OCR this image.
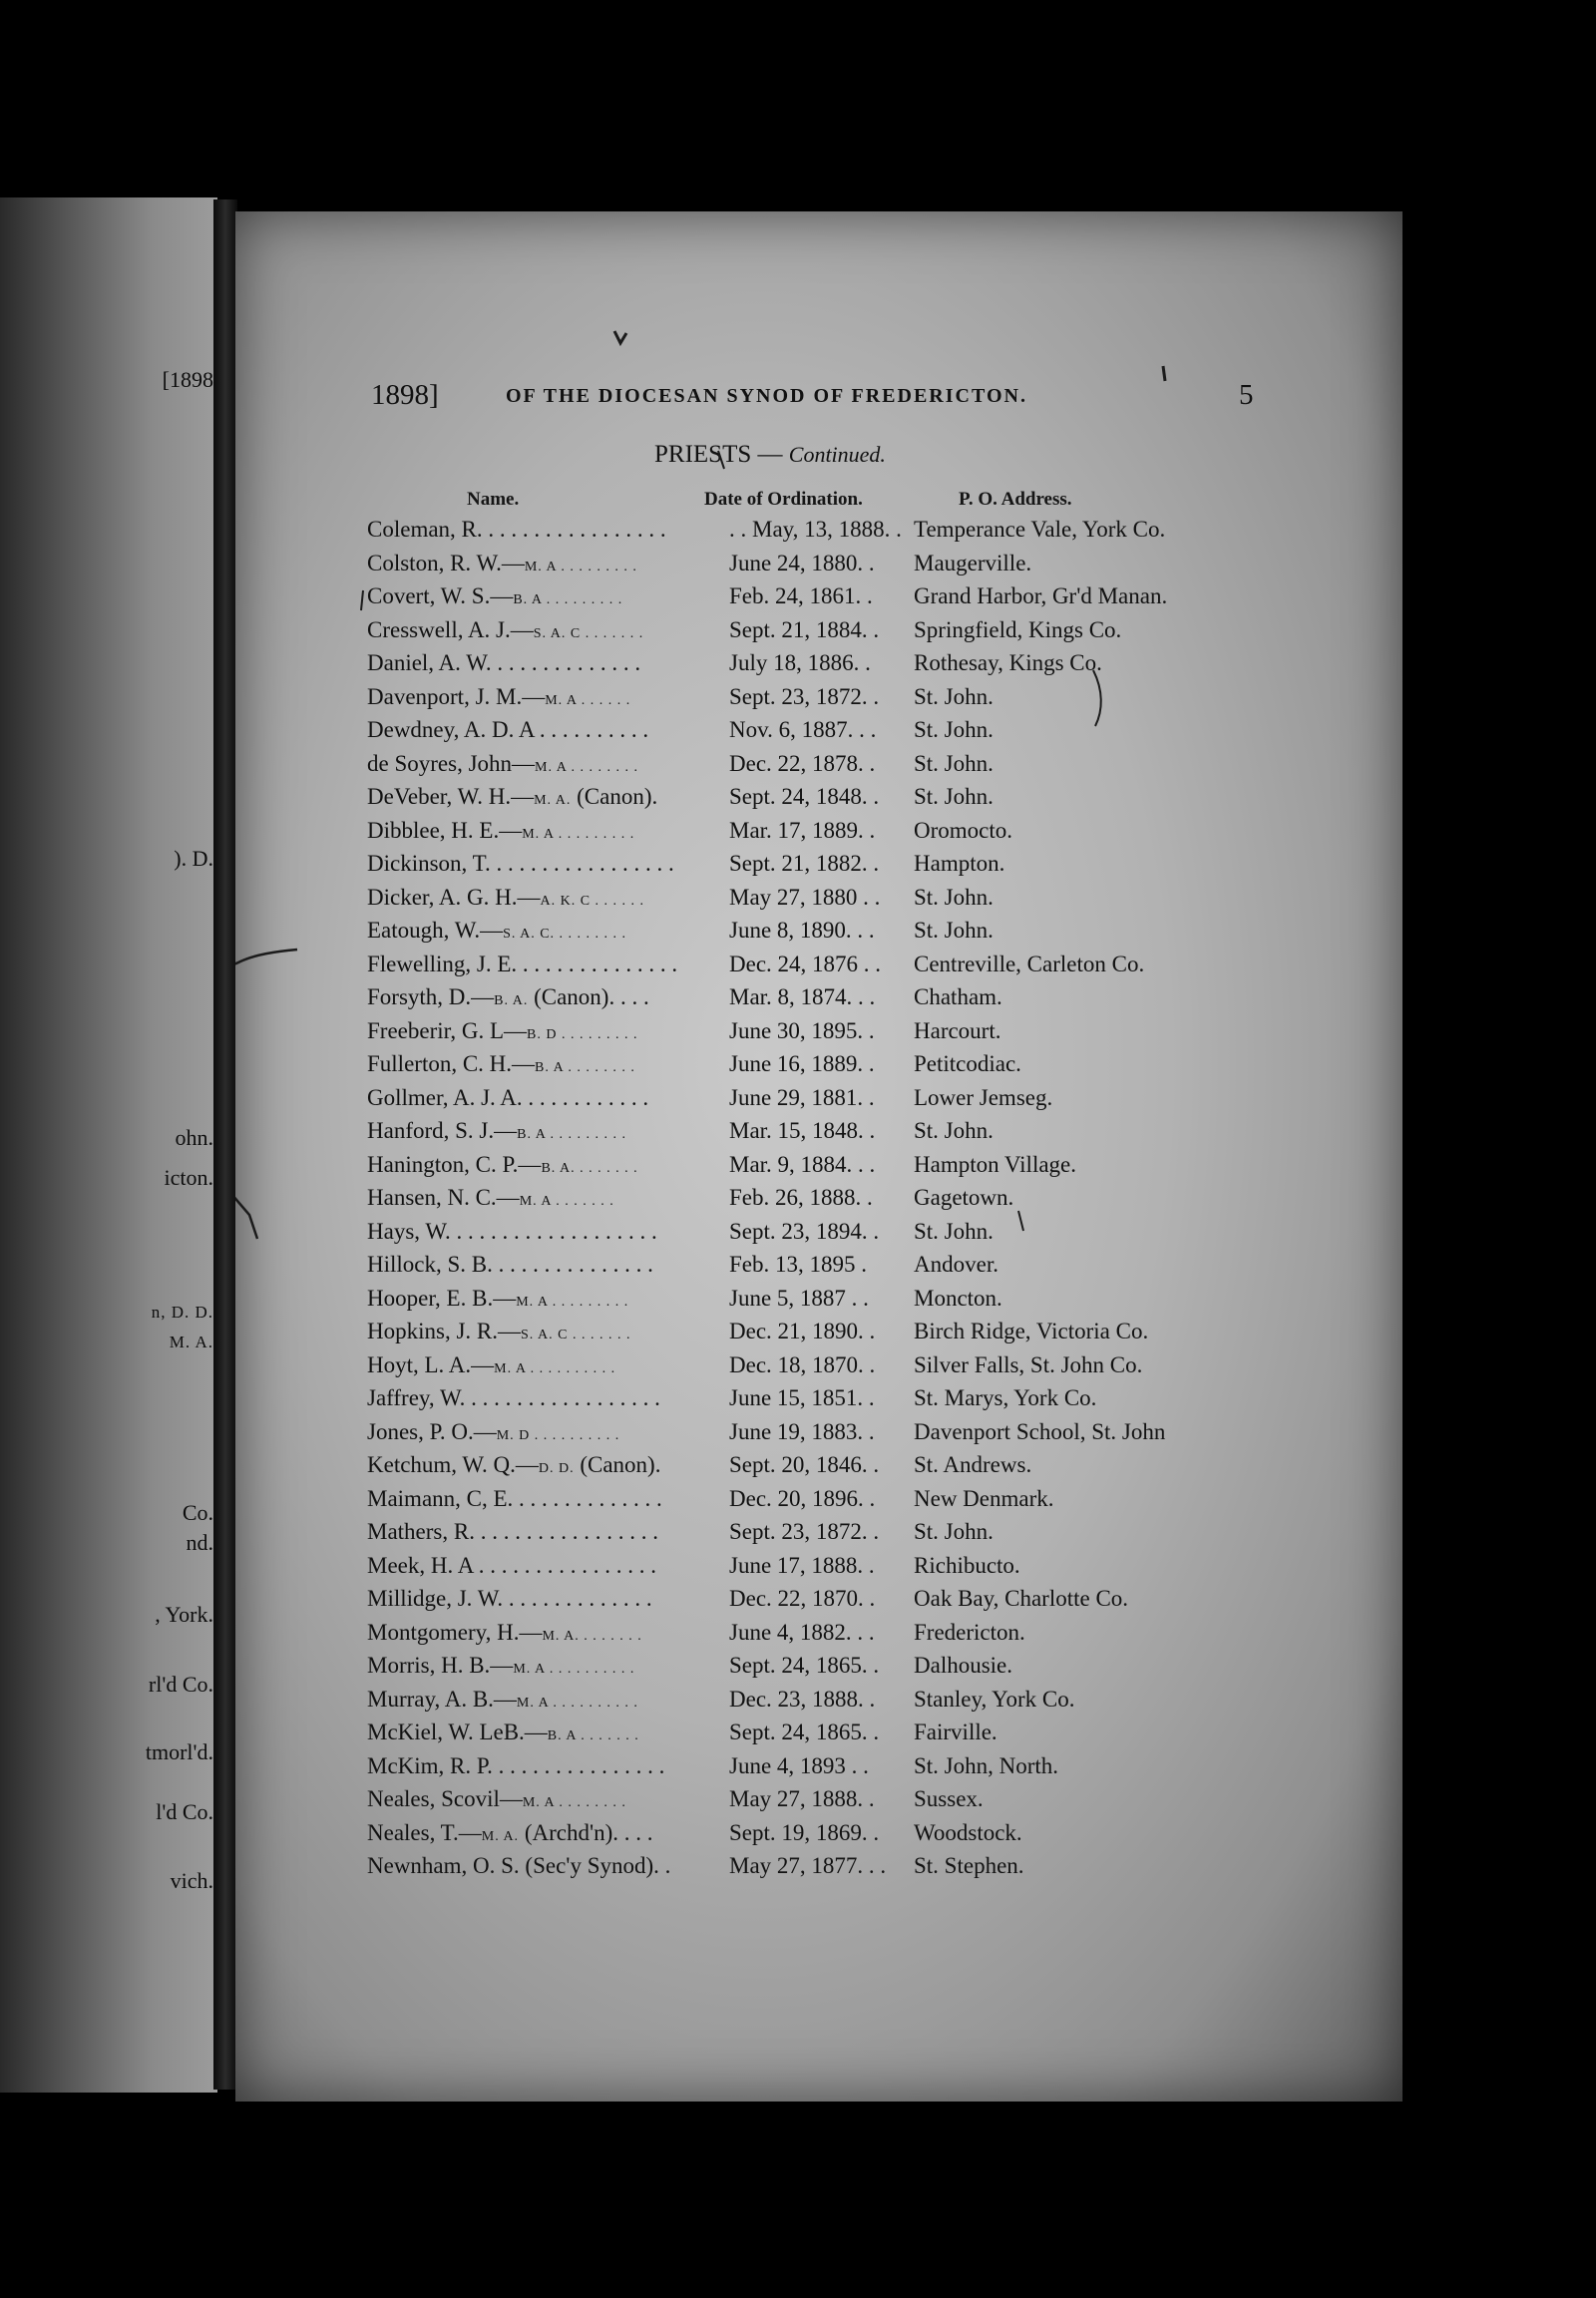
[1898
). D.
ohn.
icton.
n, D. D.
M. A.
Co.
nd.
, York.
rl'd Co.
tmorl'd.
l'd Co.
vich.
1898]	OF THE DIOCESAN SYNOD OF FREDERICTON.	5
PRIESTS — Continued.
Name.	Date of Ordination.	P. O. Address.
Coleman, R. . . . . . . . . . . . . . . . .	. . May, 13, 1888. . Temperance Vale, York Co.
Colston, R. W.—M. A . . . . . . . . .	June 24, 1880. . Maugerville.
Covert, W. S.—B. A . . . . . . . . .	Feb. 24, 1861. . Grand Harbor, Gr'd Manan.
Cresswell, A. J.—S. A. C . . . . . . .	Sept. 21, 1884. . Springfield, Kings Co.
Daniel, A. W. . . . . . . . . . . . . .	July 18, 1886. . Rothesay, Kings Co.
Davenport, J. M.—M. A . . . . . .	Sept. 23, 1872. . St. John.
Dewdney, A. D. A . . . . . . . . . .	Nov. 6, 1887. . . St. John.
de Soyres, John—M. A . . . . . . . .	Dec. 22, 1878. . St. John.
DeVeber, W. H.—M. A. (Canon).	Sept. 24, 1848. . St. John.
Dibblee, H. E.—M. A . . . . . . . . .	Mar. 17, 1889. . Oromocto.
Dickinson, T. . . . . . . . . . . . . . . . . Sept. 21, 1882. . Hampton.
Dicker, A. G. H.—A. K. C . . . . . .	May 27, 1880 . . St. John.
Eatough, W.—S. A. C. . . . . . . . .	June 8, 1890. . . St. John.
Flewelling, J. E. . . . . . . . . . . . . . . Dec. 24, 1876 . . Centreville, Carleton Co.
Forsyth, D.—B. A. (Canon). . . .	Mar. 8, 1874. . . Chatham.
Freeberir, G. L—B. D . . . . . . . . .	June 30, 1895. . Harcourt.
Fullerton, C. H.—B. A . . . . . . . .	June 16, 1889. . Petitcodiac.
Gollmer, A. J. A. . . . . . . . . . . .	June 29, 1881. . Lower Jemseg.
Hanford, S. J.—B. A . . . . . . . . .	Mar. 15, 1848. . St. John.
Hanington, C. P.—B. A. . . . . . . .	Mar. 9, 1884. . . Hampton Village.
Hansen, N. C.—M. A . . . . . . .	Feb. 26, 1888. . Gagetown.
Hays, W. . . . . . . . . . . . . . . . . . .	Sept. 23, 1894. . St. John.
Hillock, S. B. . . . . . . . . . . . . . .	Feb. 13, 1895 . Andover.
Hooper, E. B.—M. A . . . . . . . . .	June 5, 1887 . . Moncton.
Hopkins, J. R.—S. A. C . . . . . . .	Dec. 21, 1890. . Birch Ridge, Victoria Co.
Hoyt, L. A.—M. A . . . . . . . . . .	Dec. 18, 1870. . Silver Falls, St. John Co.
Jaffrey, W. . . . . . . . . . . . . . . . . .	June 15, 1851. . St. Marys, York Co.
Jones, P. O.—M. D . . . . . . . . . .	June 19, 1883. . Davenport School, St. John
Ketchum, W. Q.—D. D. (Canon).	Sept. 20, 1846. . St. Andrews.
Maimann, C, E. . . . . . . . . . . . . .	Dec. 20, 1896. . New Denmark.
Mathers, R. . . . . . . . . . . . . . . . .	Sept. 23, 1872. . St. John.
Meek, H. A . . . . . . . . . . . . . . . .	June 17, 1888. . Richibucto.
Millidge, J. W. . . . . . . . . . . . . .	Dec. 22, 1870. . Oak Bay, Charlotte Co.
Montgomery, H.—M. A. . . . . . . .	June 4, 1882. . . Fredericton.
Morris, H. B.—M. A . . . . . . . . . .	Sept. 24, 1865. . Dalhousie.
Murray, A. B.—M. A . . . . . . . . . .	Dec. 23, 1888. . Stanley, York Co.
McKiel, W. LeB.—B. A . . . . . . .	Sept. 24, 1865. . Fairville.
McKim, R. P. . . . . . . . . . . . . . . .	June 4, 1893 . . St. John, North.
Neales, Scovil—M. A . . . . . . . .	May 27, 1888. . Sussex.
Neales, T.—M. A. (Archd'n). . . .	Sept. 19, 1869. . Woodstock.
Newnham, O. S. (Sec'y Synod). .	May 27, 1877. . . St. Stephen.
